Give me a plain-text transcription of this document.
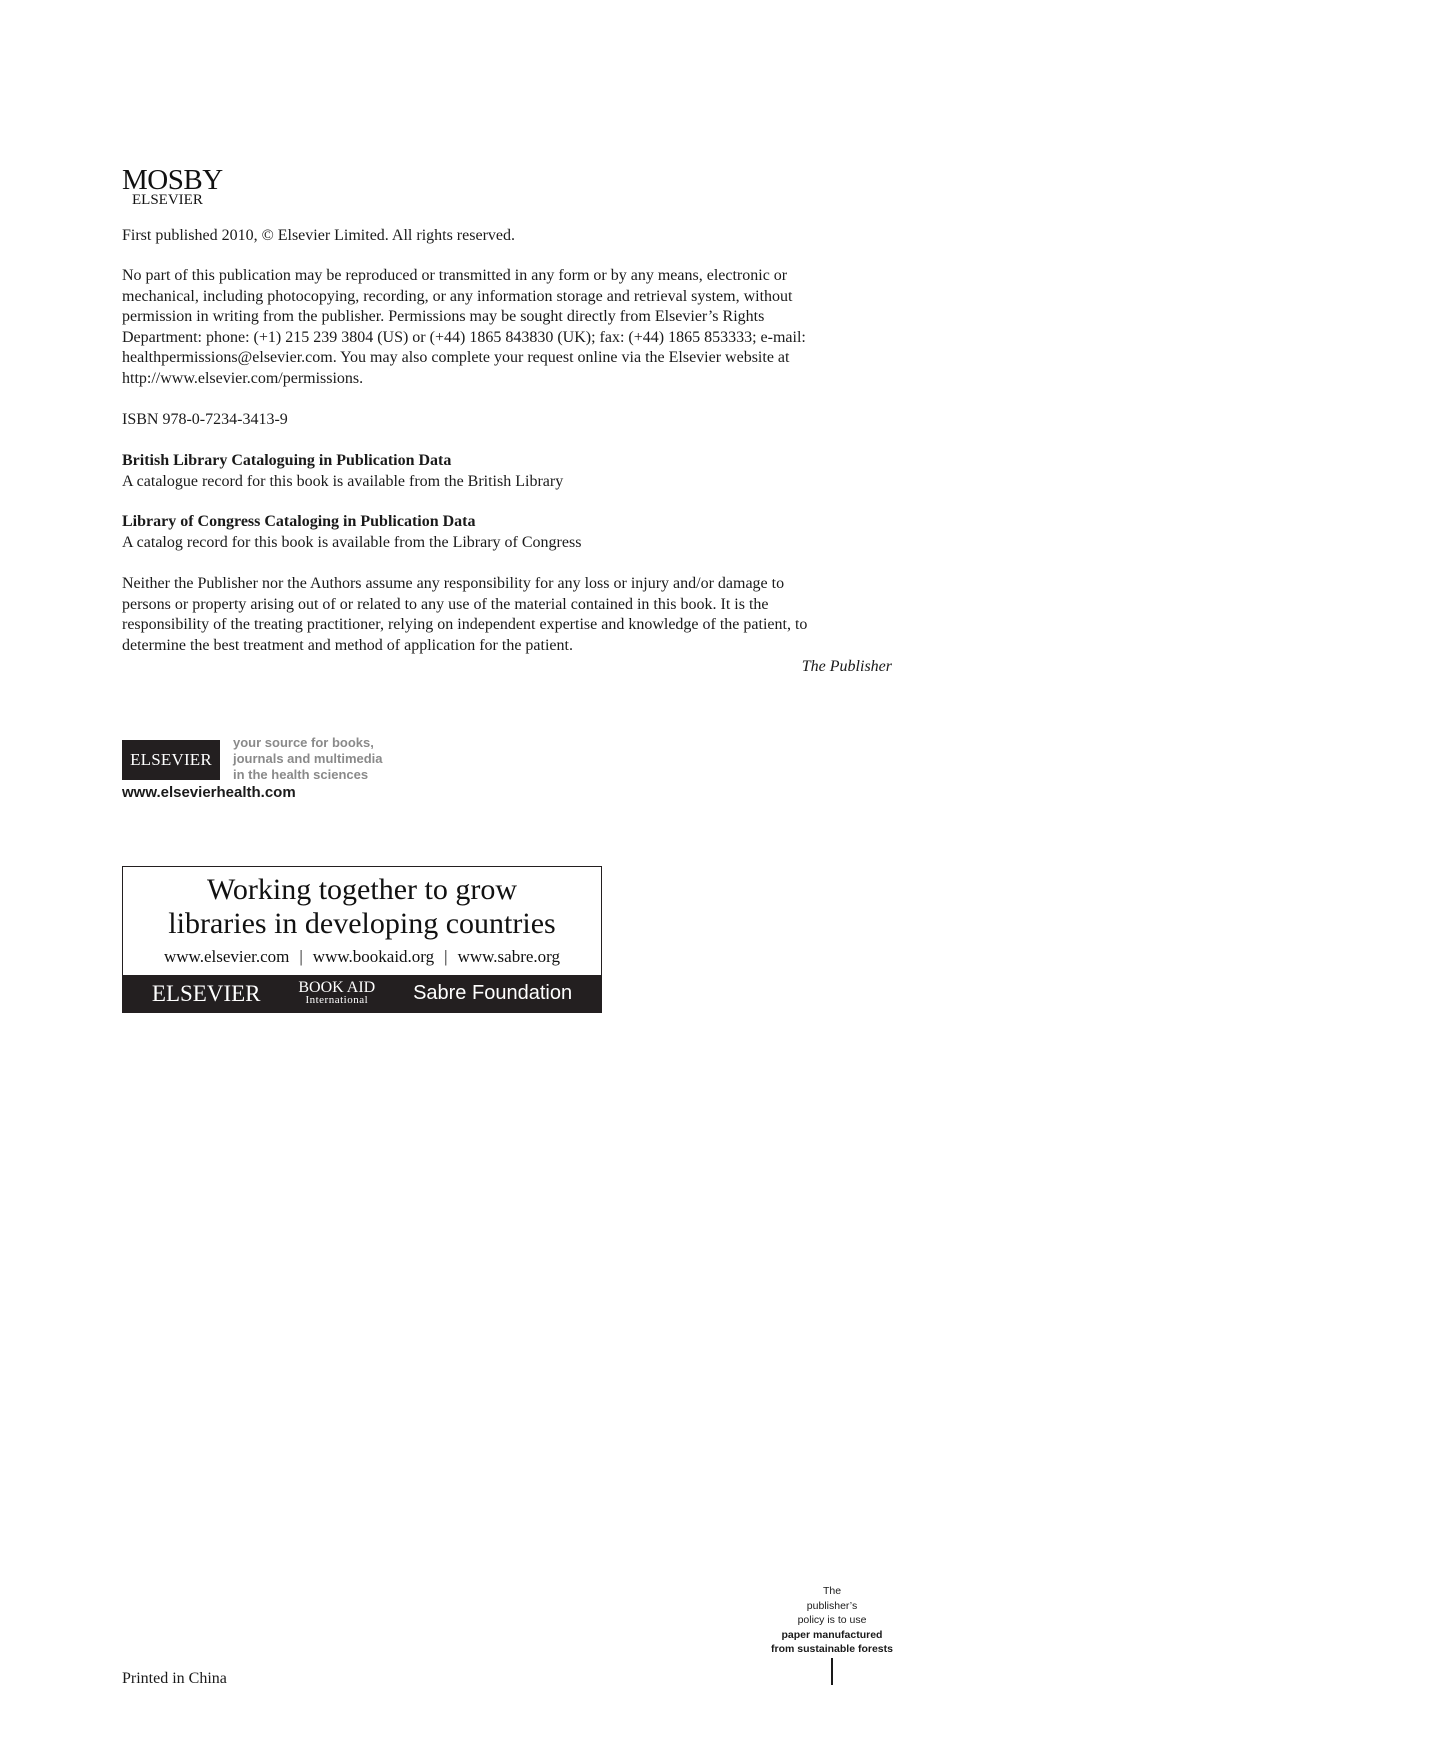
MOSBY
ELSEVIER
First published 2010, © Elsevier Limited. All rights reserved.
No part of this publication may be reproduced or transmitted in any form or by any means, electronic or
mechanical, including photocopying, recording, or any information storage and retrieval system, without
permission in writing from the publisher. Permissions may be sought directly from Elsevier’s Rights
Department: phone: (+1) 215 239 3804 (US) or (+44) 1865 843830 (UK); fax: (+44) 1865 853333; e-mail:
healthpermissions@elsevier.com. You may also complete your request online via the Elsevier website at
http://www.elsevier.com/permissions.
ISBN 978-0-7234-3413-9
British Library Cataloguing in Publication Data
A catalogue record for this book is available from the British Library
Library of Congress Cataloging in Publication Data
A catalog record for this book is available from the Library of Congress
Neither the Publisher nor the Authors assume any responsibility for any loss or injury and/or damage to
persons or property arising out of or related to any use of the material contained in this book. It is the
responsibility of the treating practitioner, relying on independent expertise and knowledge of the patient, to
determine the best treatment and method of application for the patient.
The Publisher
ELSEVIER
your source for books,
journals and multimedia
in the health sciences
www.elsevierhealth.com
Working together to grow
libraries in developing countries
www.elsevier.com | www.bookaid.org | www.sabre.org
ELSEVIER BOOK AID
International	Sabre Foundation
The
publisher’s
policy is to use
paper manufactured
from sustainable forests
Printed in China
